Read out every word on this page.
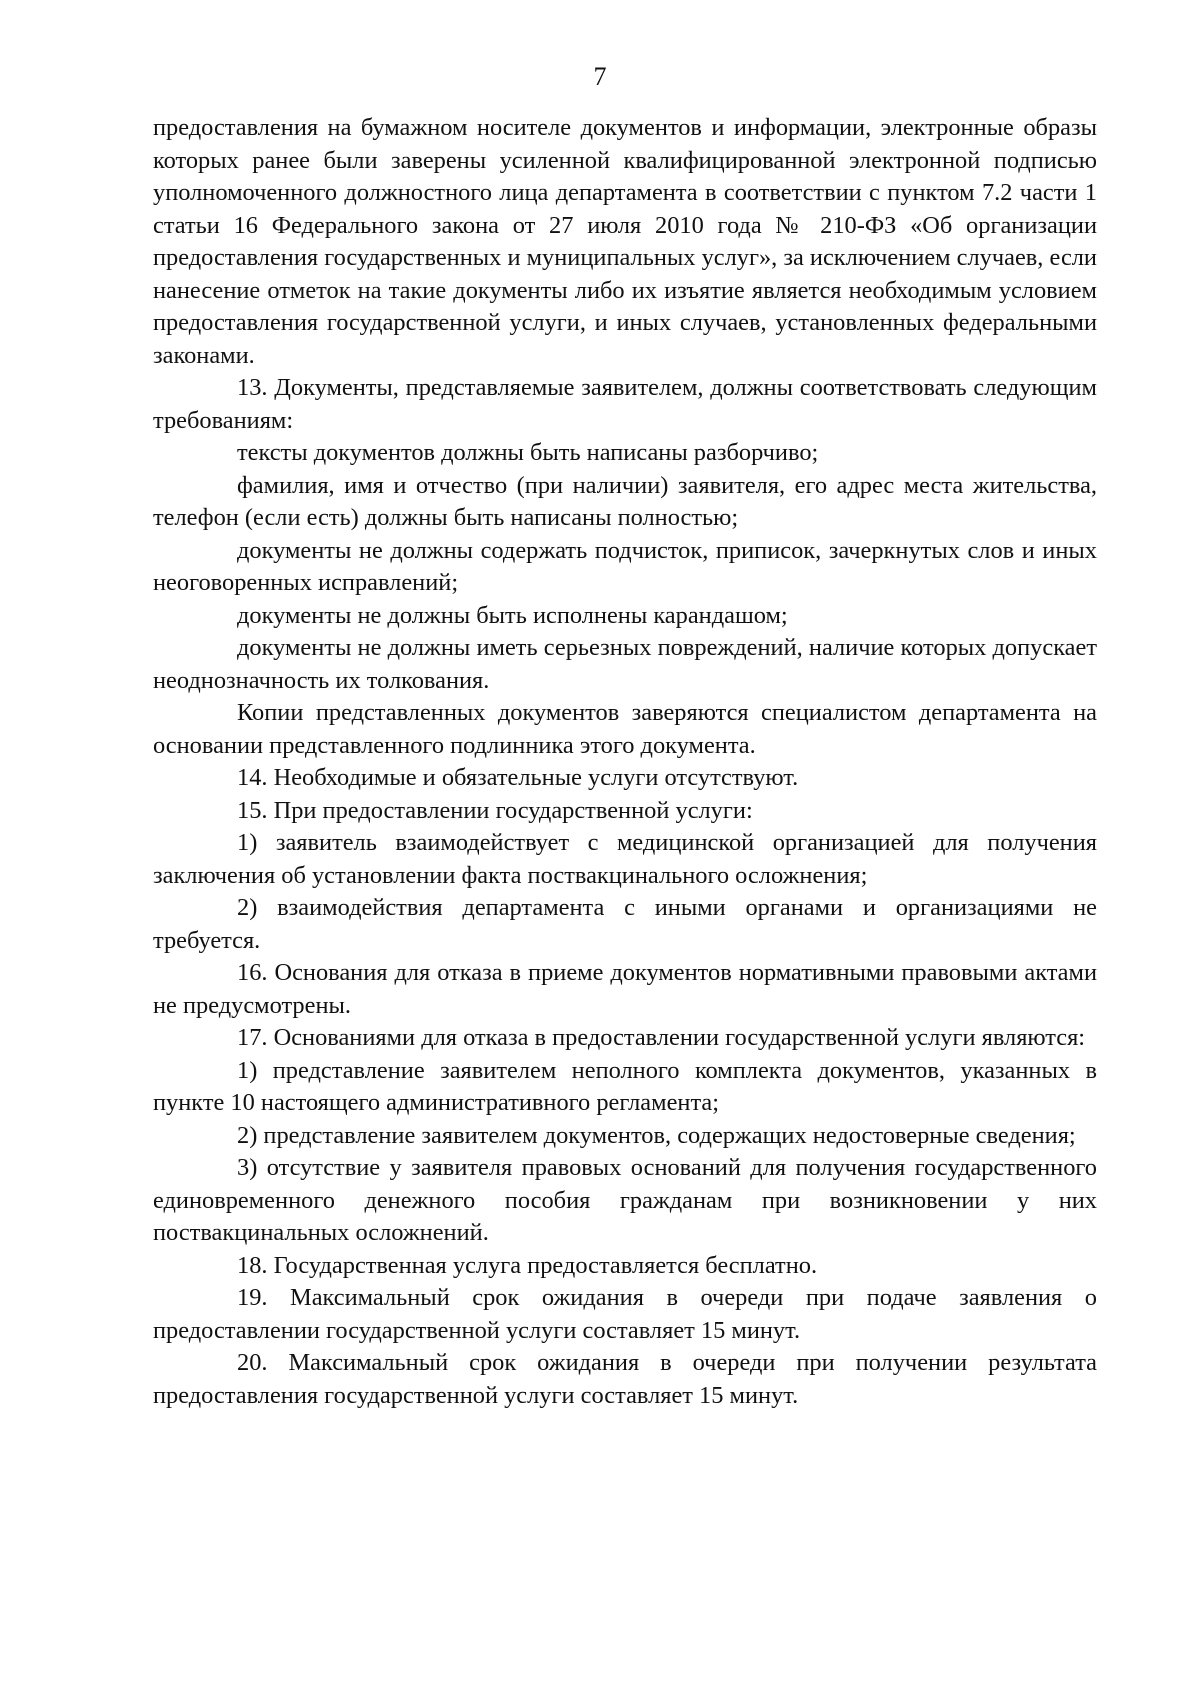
7

предоставления на бумажном носителе документов и информации, электронные образы которых ранее были заверены усиленной квалифицированной электронной подписью уполномоченного должностного лица департамента в соответствии с пунктом 7.2 части 1 статьи 16 Федерального закона от 27 июля 2010 года № 210-ФЗ «Об организации предоставления государственных и муниципальных услуг», за исключением случаев, если нанесение отметок на такие документы либо их изъятие является необходимым условием предоставления государственной услуги, и иных случаев, установленных федеральными законами.

13. Документы, представляемые заявителем, должны соответствовать следующим требованиям:

тексты документов должны быть написаны разборчиво;

фамилия, имя и отчество (при наличии) заявителя, его адрес места жительства, телефон (если есть) должны быть написаны полностью;

документы не должны содержать подчисток, приписок, зачеркнутых слов и иных неоговоренных исправлений;

документы не должны быть исполнены карандашом;

документы не должны иметь серьезных повреждений, наличие которых допускает неоднозначность их толкования.

Копии представленных документов заверяются специалистом департамента на основании представленного подлинника этого документа.

14. Необходимые и обязательные услуги отсутствуют.

15. При предоставлении государственной услуги:

1) заявитель взаимодействует с медицинской организацией для получения заключения об установлении факта поствакцинального осложнения;

2) взаимодействия департамента с иными органами и организациями не требуется.

16. Основания для отказа в приеме документов нормативными правовыми актами не предусмотрены.

17. Основаниями для отказа в предоставлении государственной услуги являются:

1) представление заявителем неполного комплекта документов, указанных в пункте 10 настоящего административного регламента;

2) представление заявителем документов, содержащих недостоверные сведения;

3) отсутствие у заявителя правовых оснований для получения государственного единовременного денежного пособия гражданам при возникновении у них поствакцинальных осложнений.

18. Государственная услуга предоставляется бесплатно.

19. Максимальный срок ожидания в очереди при подаче заявления о предоставлении государственной услуги составляет 15 минут.

20. Максимальный срок ожидания в очереди при получении результата предоставления государственной услуги составляет 15 минут.
